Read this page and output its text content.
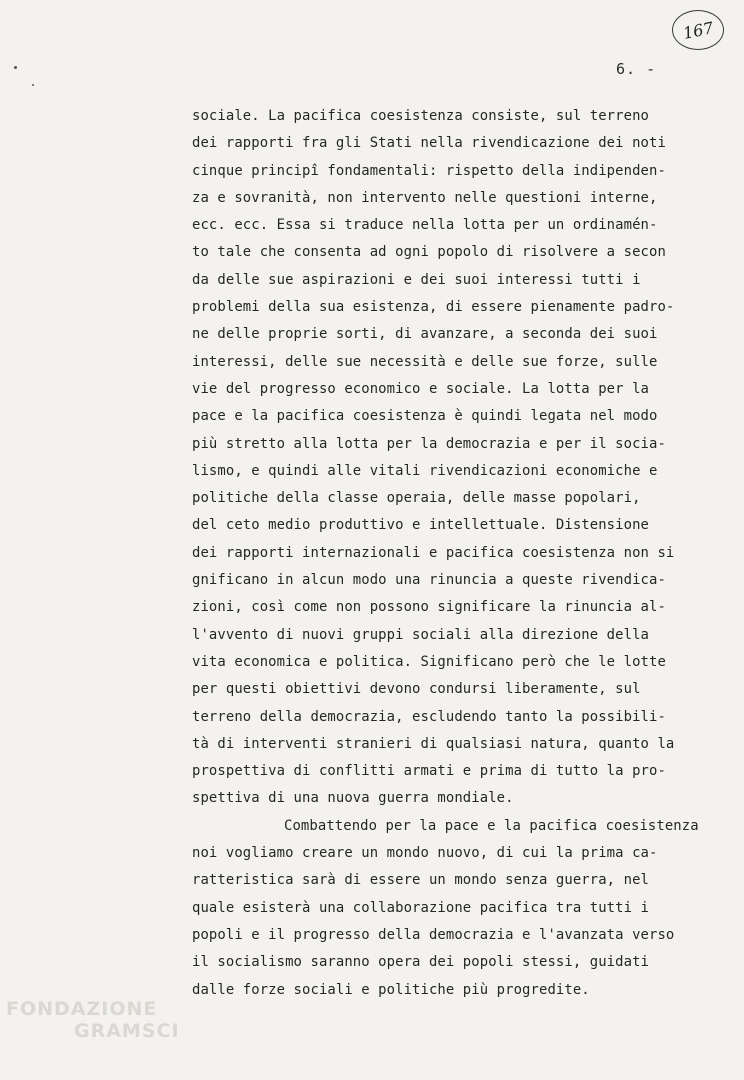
167
6. -
sociale. La pacifica coesistenza consiste, sul terreno
dei rapporti fra gli Stati nella rivendicazione dei noti
cinque principî fondamentali: rispetto della indipenden-
za e sovranità, non intervento nelle questioni interne,
ecc. ecc. Essa si traduce nella lotta per un ordinamén-
to tale che consenta ad ogni popolo di risolvere a secon
da delle sue aspirazioni e dei suoi interessi tutti i
problemi della sua esistenza, di essere pienamente padro-
ne delle proprie sorti, di avanzare, a seconda dei suoi
interessi, delle sue necessità e delle sue forze, sulle
vie del progresso economico e sociale. La lotta per la
pace e la pacifica coesistenza è quindi legata nel modo
più stretto alla lotta per la democrazia e per il socia-
lismo, e quindi alle vitali rivendicazioni economiche e
politiche della classe operaia, delle masse popolari,
del ceto medio produttivo e intellettuale. Distensione
dei rapporti internazionali e pacifica coesistenza non si
gnificano in alcun modo una rinuncia a queste rivendica-
zioni, così come non possono significare la rinuncia al-
l'avvento di nuovi gruppi sociali alla direzione della
vita economica e politica. Significano però che le lotte
per questi obiettivi devono condursi liberamente, sul
terreno della democrazia, escludendo tanto la possibili-
tà di interventi stranieri di qualsiasi natura, quanto la
prospettiva di conflitti armati e prima di tutto la pro-
spettiva di una nuova guerra mondiale.
Combattendo per la pace e la pacifica coesistenza
noi vogliamo creare un mondo nuovo, di cui la prima ca-
ratteristica sarà di essere un mondo senza guerra, nel
quale esisterà una collaborazione pacifica tra tutti i
popoli e il progresso della democrazia e l'avanzata verso
il socialismo saranno opera dei popoli stessi, guidati
dalle forze sociali e politiche più progredite.
FONDAZIONE
GRAMSCI
